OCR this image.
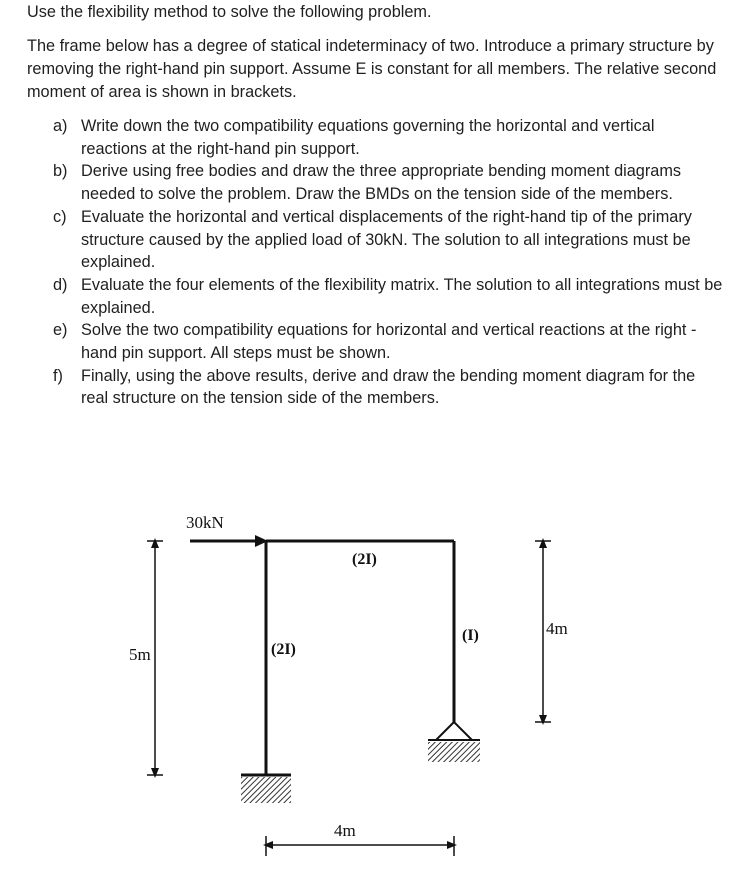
Use the flexibility method to solve the following problem.

The frame below has a degree of statical indeterminacy of two. Introduce a primary structure by removing the right-hand pin support. Assume E is constant for all members. The relative second moment of area is shown in brackets.

a) Write down the two compatibility equations governing the horizontal and vertical reactions at the right-hand pin support.
b) Derive using free bodies and draw the three appropriate bending moment diagrams needed to solve the problem. Draw the BMDs on the tension side of the members.
c) Evaluate the horizontal and vertical displacements of the right-hand tip of the primary structure caused by the applied load of 30kN. The solution to all integrations must be explained.
d) Evaluate the four elements of the flexibility matrix. The solution to all integrations must be explained.
e) Solve the two compatibility equations for horizontal and vertical reactions at the right -hand pin support. All steps must be shown.
f)	Finally, using the above results, derive and draw the bending moment diagram for the real structure on the tension side of the members.
30kN
(2I)
(2I)
(I)
5m
4m
4m
